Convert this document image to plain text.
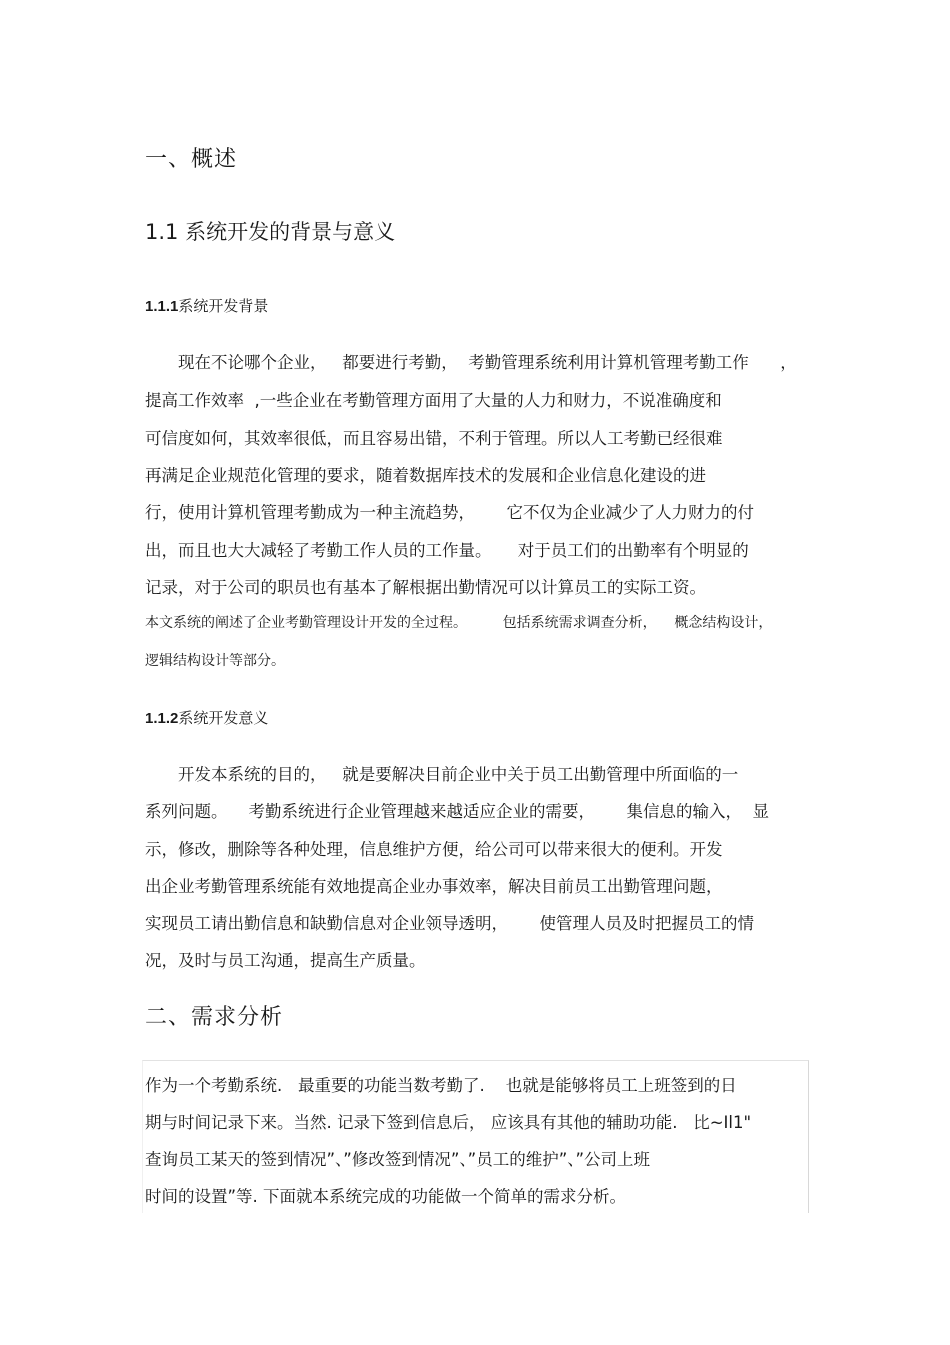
一、概述
1.1 系统开发的背景与意义
1.1.1系统开发背景
现在不论哪个企业，   都要进行考勤，  考勤管理系统利用计算机管理考勤工作      ，
提高工作效率  ,一些企业在考勤管理方面用了大量的人力和财力，不说准确度和
可信度如何，其效率很低，而且容易出错，不利于管理。所以人工考勤已经很难
再满足企业规范化管理的要求，随着数据库技术的发展和企业信息化建设的进
行，使用计算机管理考勤成为一种主流趋势，      它不仅为企业减少了人力财力的付
出，而且也大大减轻了考勤工作人员的工作量。     对于员工们的出勤率有个明显的
记录，对于公司的职员也有基本了解根据出勤情况可以计算员工的实际工资。
本文系统的阐述了企业考勤管理设计开发的全过程。        包括系统需求调查分析，    概念结构设计，
逻辑结构设计等部分。
1.1.2系统开发意义
开发本系统的目的，   就是要解决目前企业中关于员工出勤管理中所面临的一
系列问题。    考勤系统进行企业管理越来越适应企业的需要，      集信息的输入，  显
示，修改，删除等各种处理，信息维护方便，给公司可以带来很大的便利。开发
出企业考勤管理系统能有效地提高企业办事效率，解决目前员工出勤管理问题，
实现员工请出勤信息和缺勤信息对企业领导透明，      使管理人员及时把握员工的情
况，及时与员工沟通，提高生产质量。
二、需求分析
作为一个考勤系统.   最重要的功能当数考勤了.    也就是能够将员工上班签到的日
期与时间记录下来。当然. 记录下签到信息后， 应该具有其他的辅助功能.   比~Il1"
查询员工某天的签到情况”、”修改签到情况”、”员工的维护”、”公司上班
时间的设置”等. 下面就本系统完成的功能做一个简单的需求分析。
